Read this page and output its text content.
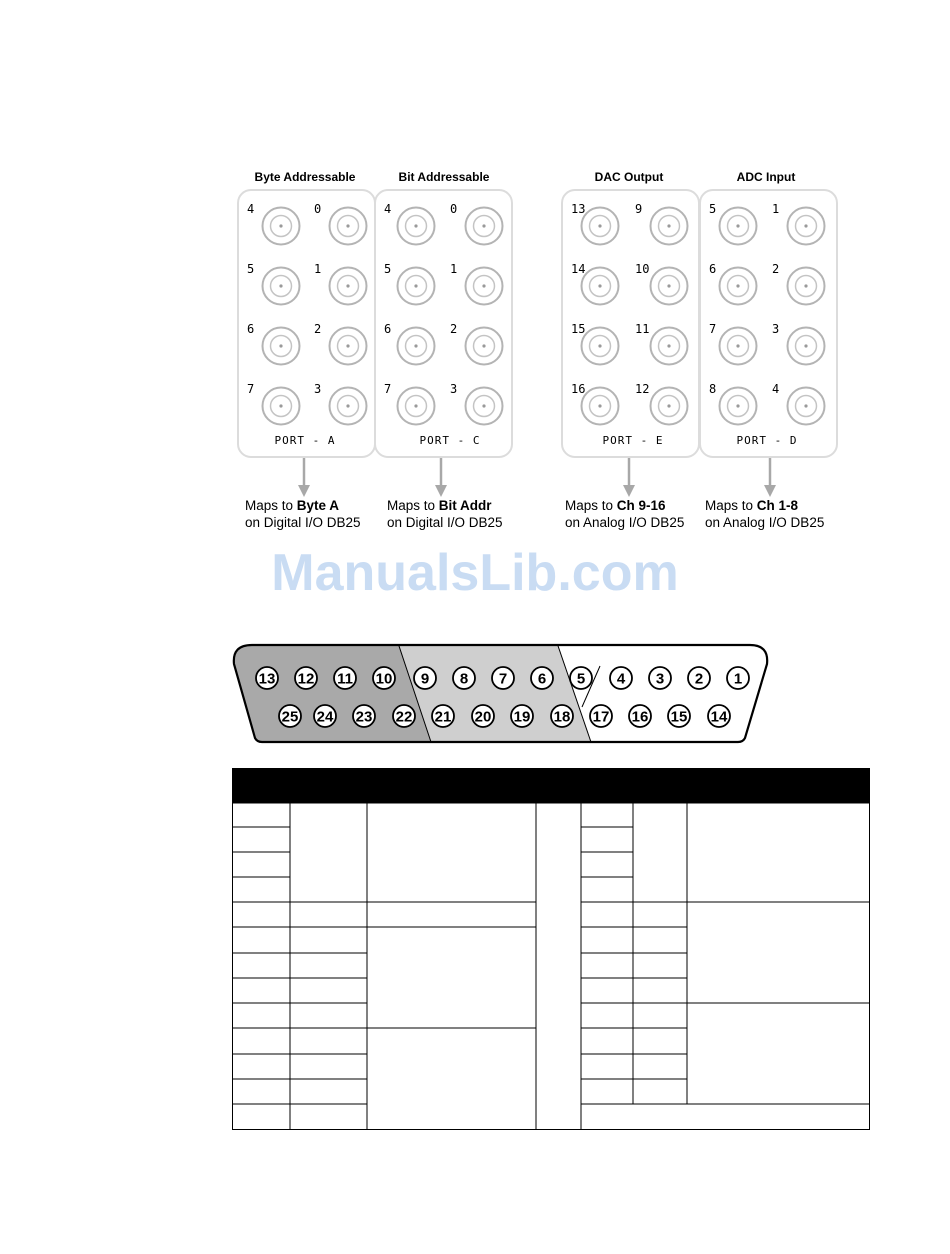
Byte Addressable
4	0
5	1
6	2
7	3
PORT - A
Bit Addressable
4	0
5	1
6	2
7	3
PORT - C
DAC Output
13	9
14	10
15	11
16	12
PORT - E
ADC Input
5	1
6	2
7	3
8	4
PORT - D
Maps to Byte A
on Digital I/O DB25
Maps to Bit Addr
on Digital I/O DB25
Maps to Ch 9-16
on Analog I/O DB25
Maps to Ch 1-8
on Analog I/O DB25
ManualsLib.com
13 12 11 10 9 8 7 6 5 4 3 2 1
25 24 23 22 21 20 19 18 17 16 15 14
